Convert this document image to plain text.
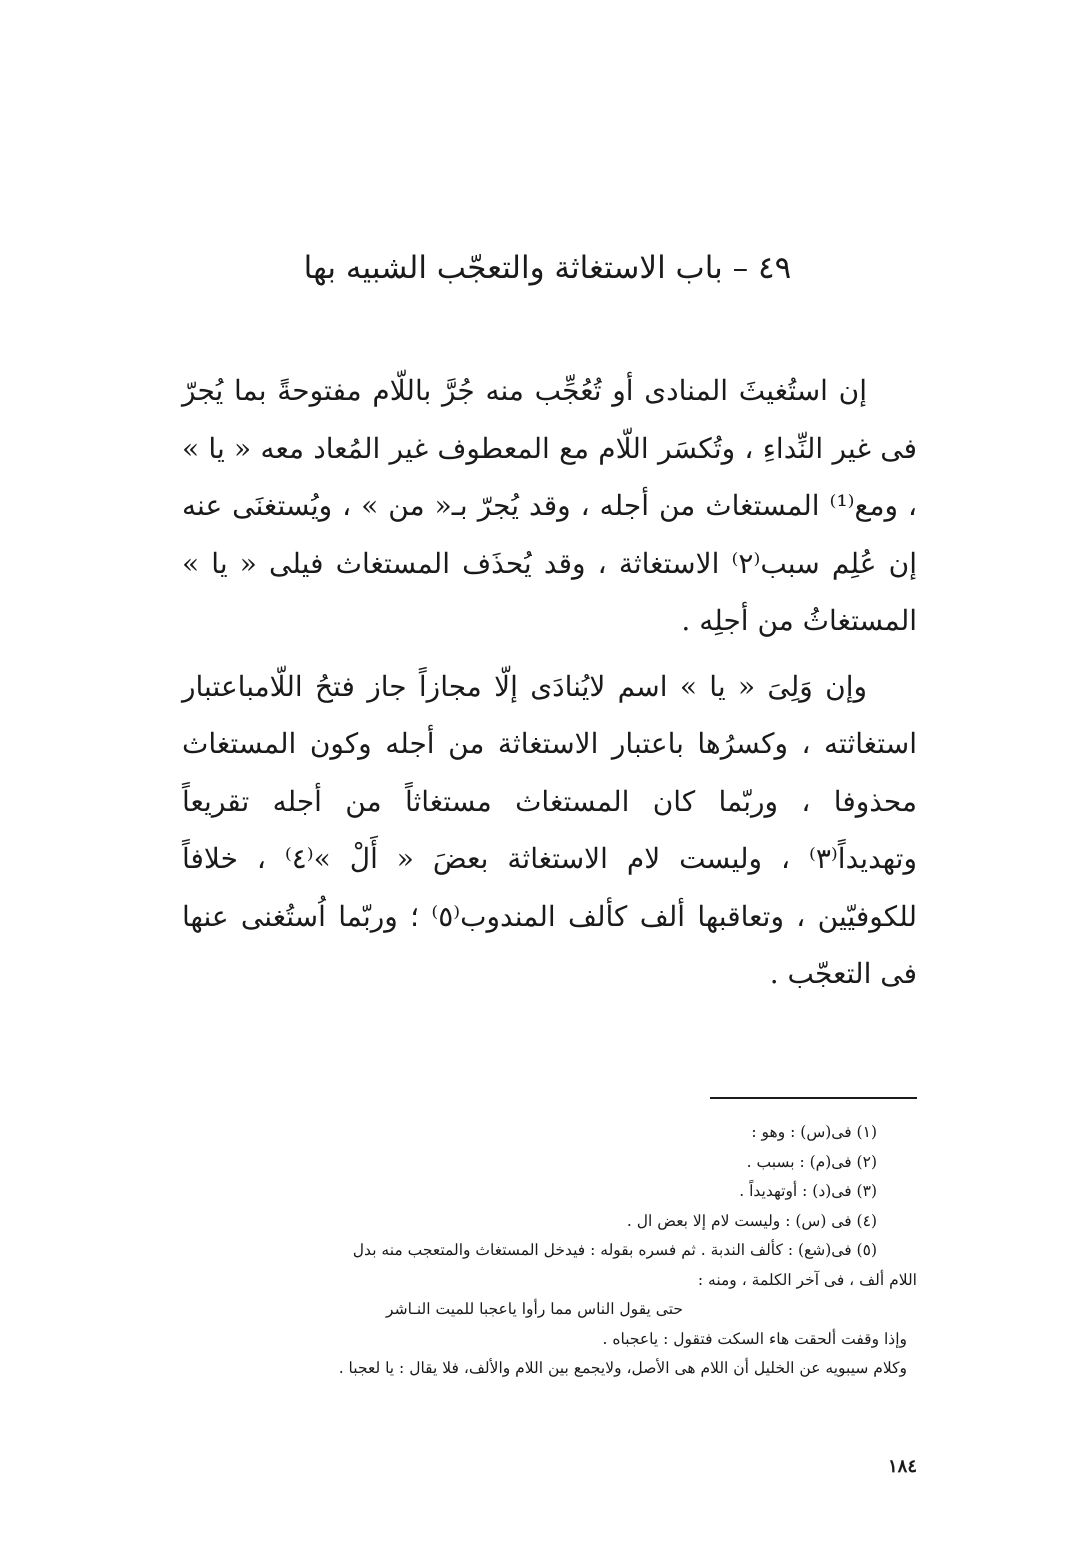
٤٩ – باب الاستغاثة والتعجّب الشبيه بها

إن استُغيثَ المنادى أو تُعُجِّب منه جُرَّ باللّام مفتوحةً بما يُجرّ فى غير النِّداءِ ، وتُكسَر اللّام مع المعطوف غير المُعاد معه « يا » ، ومع⁽¹⁾ المستغاث من أجله ، وقد يُجرّ بـ« من » ، ويُستغنَى عنه إن عُلِم سبب⁽٢⁾ الاستغاثة ، وقد يُحذَف المستغاث فيلى « يا » المستغاثُ من أجلِه .

وإن وَلِىَ « يا » اسم لايُنادَى إلّا مجازاً جاز فتحُ اللّامباعتبار استغاثته ، وكسرُها باعتبار الاستغاثة من أجله وكون المستغاث محذوفا ، وربّما كان المستغاث مستغاثاً من أجله تقريعاً وتهديداً⁽٣⁾ ، وليست لام الاستغاثة بعضَ « أَلْ »⁽٤⁾ ، خلافاً للكوفيّين ، وتعاقبها ألف كألف المندوب⁽٥⁾ ؛ وربّما اُستُغنى عنها فى التعجّب .

(١) فى(س) : وهو :

(٢) فى(م) : بسبب .

(٣) فى(د) : أوتهديداً .

(٤) فى (س) : وليست لام إلا بعض ال .

(٥) فى(شع) : كألف الندبة . ثم فسره بقوله : فيدخل المستغاث والمتعجب منه بدل

اللام ألف ، فى آخر الكلمة ، ومنه :

حتى يقول الناس مما رأوا ياعجبا للميت النـاشر

وإذا وقفت ألحقت هاء السكت فتقول : ياعجباه .

وكلام سيبويه عن الخليل أن اللام هى الأصل، ولايجمع بين اللام والألف، فلا يقال : يا لعجبا .

١٨٤
